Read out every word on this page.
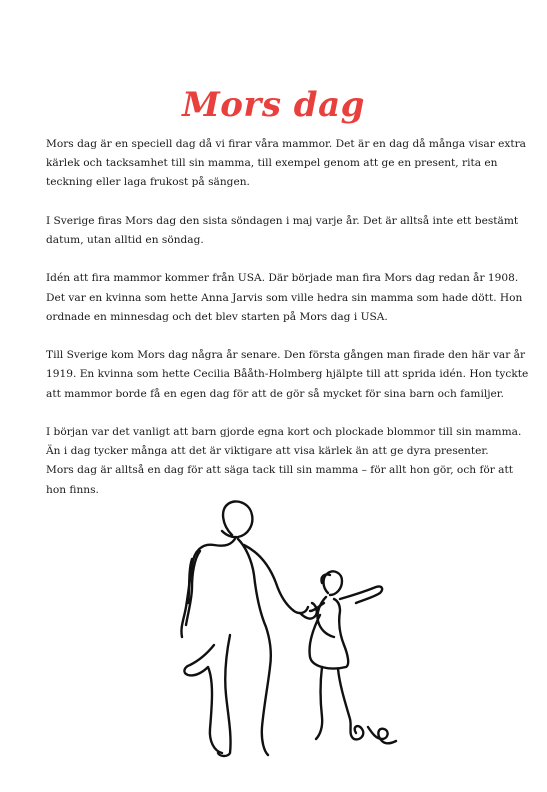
Mors dag

Mors dag är en speciell dag då vi firar våra mammor. Det är en dag då många visar extra
kärlek och tacksamhet till sin mamma, till exempel genom att ge en present, rita en
teckning eller laga frukost på sängen.

I Sverige firas Mors dag den sista söndagen i maj varje år. Det är alltså inte ett bestämt
datum, utan alltid en söndag.

Idén att fira mammor kommer från USA. Där började man fira Mors dag redan år 1908.
Det var en kvinna som hette Anna Jarvis som ville hedra sin mamma som hade dött. Hon
ordnade en minnesdag och det blev starten på Mors dag i USA.

Till Sverige kom Mors dag några år senare. Den första gången man firade den här var år
1919. En kvinna som hette Cecilia Bååth-Holmberg hjälpte till att sprida idén. Hon tyckte
att mammor borde få en egen dag för att de gör så mycket för sina barn och familjer.

I början var det vanligt att barn gjorde egna kort och plockade blommor till sin mamma.
Än i dag tycker många att det är viktigare att visa kärlek än att ge dyra presenter.
Mors dag är alltså en dag för att säga tack till sin mamma – för allt hon gör, och för att
hon finns.
